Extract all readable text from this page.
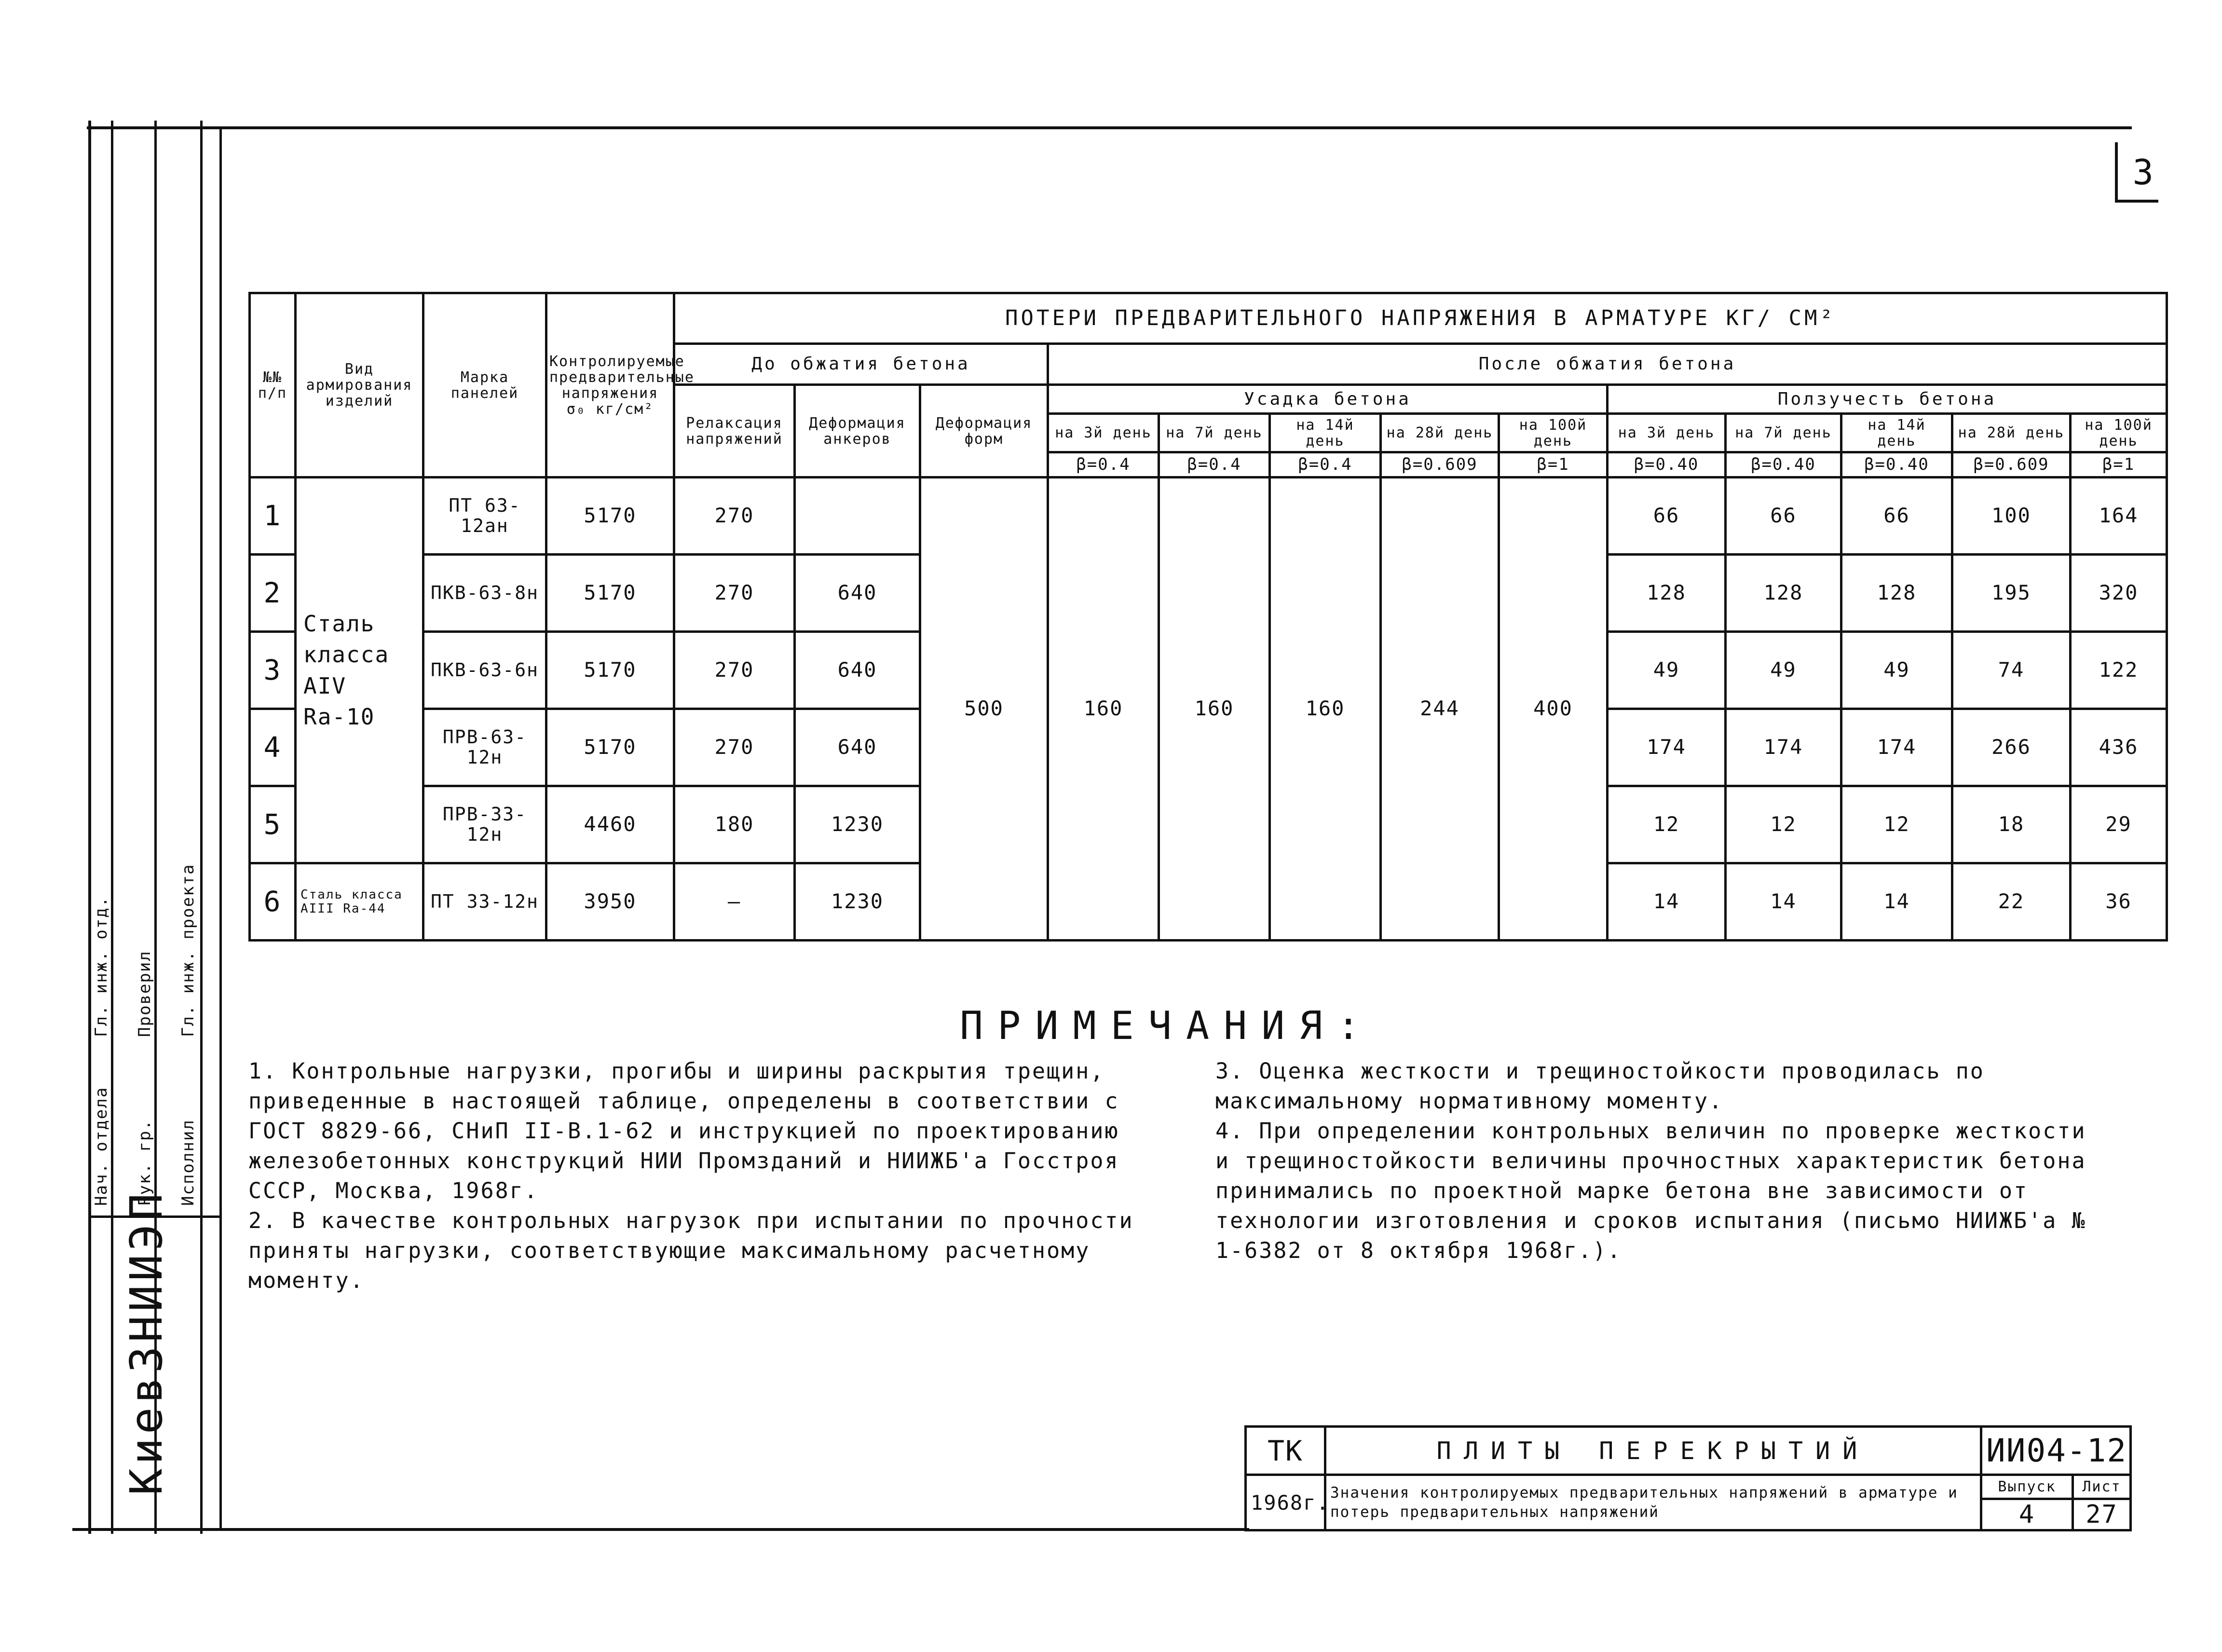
Нач. отдела
Гл. инж. отд.
Рук. гр.
Проверил
Исполнил
Гл. инж. проекта
КиевЗНИИЭП
3
№№ п/п	Вид армирования изделий	Марка панелей	Контролируемые предварительные напряжения σ₀ кг/см²	ПОТЕРИ ПРЕДВАРИТЕЛЬНОГО НАПРЯЖЕНИЯ В АРМАТУРЕ КГ/ СМ²												
				До обжатия бетона			После обжатия бетона									
				Релаксация напряжений	Деформация анкеров	Деформация форм	Усадка бетона					Ползучесть бетона				
							на 3й день	на 7й день	на 14й день	на 28й день	на 100й день	на 3й день	на 7й день	на 14й день	на 28й день	на 100й день
							β=0.4	β=0.4	β=0.4	β=0.609	β=1	β=0.40	β=0.40	β=0.40	β=0.609	β=1
1	Сталь класса AIV Rа-10	ПТ 63-12ан	5170	270		500	160	160	160	244	400	66	66	66	100	164
2		ПКВ-63-8н	5170	270	640							128	128	128	195	320
3		ПКВ-63-6н	5170	270	640							49	49	49	74	122
4		ПРВ-63-12н	5170	270	640							174	174	174	266	436
5		ПРВ-33-12н	4460	180	1230							12	12	12	18	29
6	Сталь класса AIII Rа-44	ПТ 33-12н	3950	—	1230							14	14	14	22	36
ПРИМЕЧАНИЯ:

1. Контрольные нагрузки, прогибы и ширины раскрытия трещин, приведенные в настоящей таблице, определены в соответствии с ГОСТ 8829-66, СНиП II-В.1-62 и инструкцией по проектированию железобетонных конструкций НИИ Промзданий и НИИЖБ'а Госстроя СССР, Москва, 1968г.

2. В качестве контрольных нагрузок при испытании по прочности приняты нагрузки, соответствующие максимальному расчетному моменту.

3. Оценка жесткости и трещиностойкости проводилась по максимальному нормативному моменту.

4. При определении контрольных величин по проверке жесткости и трещиностойкости величины прочностных характеристик бетона принимались по проектной марке бетона вне зависимости от технологии изготовления и сроков испытания (письмо НИИЖБ'а № 1-6382 от 8 октября 1968г.).

ТК	ПЛИТЫ ПЕРЕКРЫТИЙ	ИИ04-12	
1968г.	Значения контролируемых предварительных напряжений в арматуре и потерь предварительных напряжений	Выпуск	Лист
		4	27
